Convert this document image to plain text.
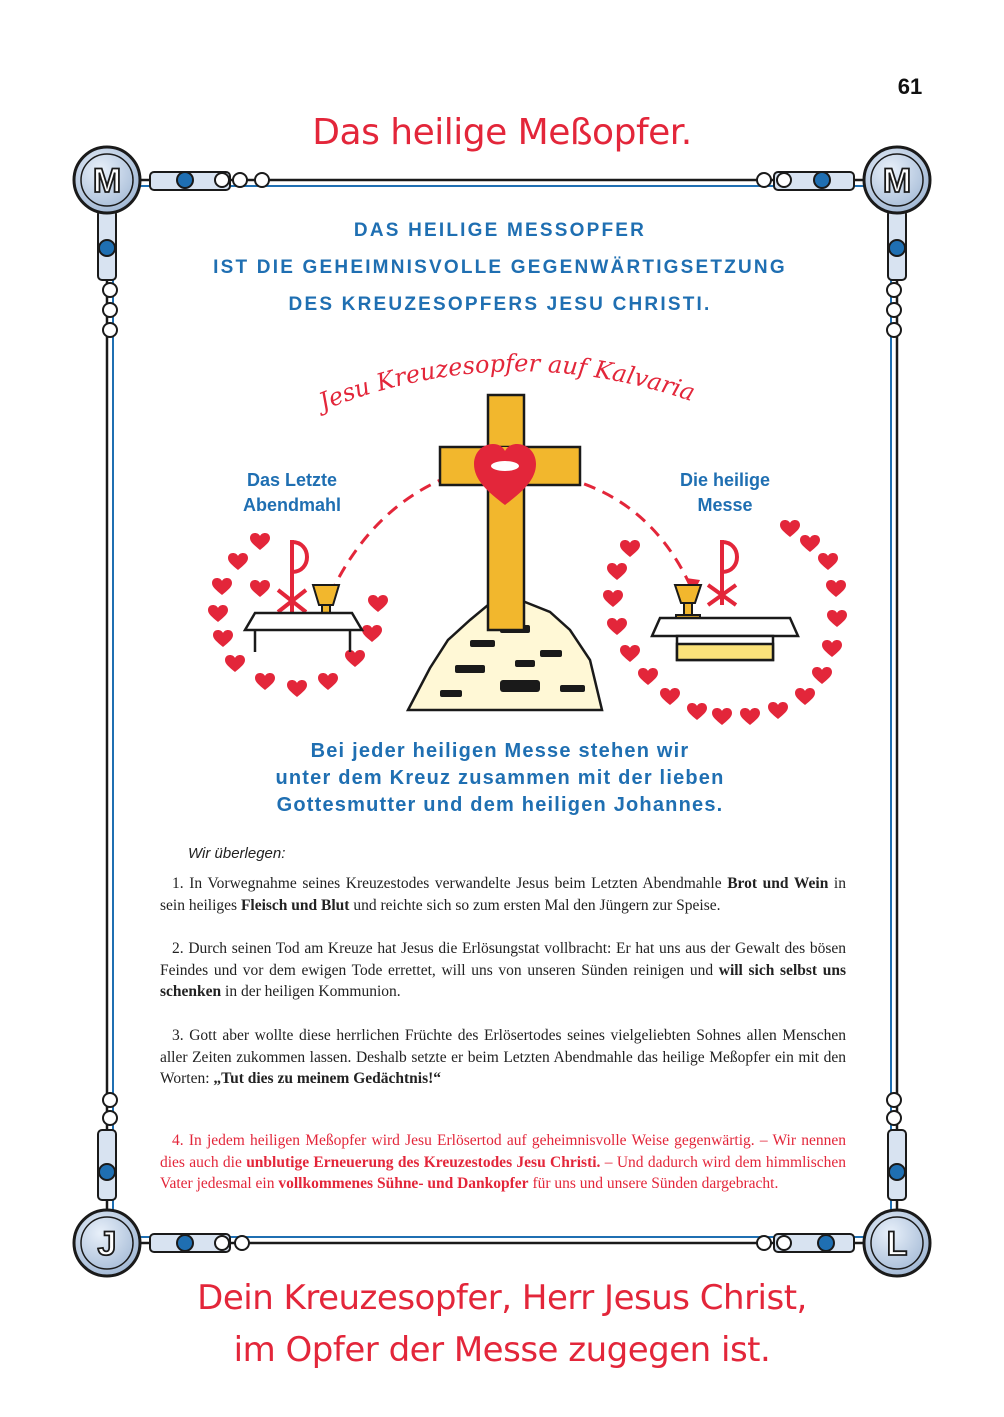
61
Das heilige Meßopfer.
M	M
J	L
DAS HEILIGE MESSOPFER
IST DIE GEHEIMNISVOLLE GEGENWÄRTIGSETZUNG
DES KREUZESOPFERS JESU CHRISTI.
Jesu Kreuzesopfer auf Kalvaria
Das Letzte
Abendmahl
Die heilige
Messe
Bei jeder heiligen Messe stehen wir
unter dem Kreuz zusammen mit der lieben
Gottesmutter und dem heiligen Johannes.
Wir überlegen:
1. In Vorwegnahme seines Kreuzestodes verwandelte Jesus beim Letzten Abendmahle Brot und Wein in sein heiliges Fleisch und Blut und reichte sich so zum ersten Mal den Jüngern zur Speise.
2. Durch seinen Tod am Kreuze hat Jesus die Erlösungstat vollbracht: Er hat uns aus der Gewalt des bösen Feindes und vor dem ewigen Tode errettet, will uns von unseren Sünden reinigen und will sich selbst uns schenken in der heiligen Kommunion.
3. Gott aber wollte diese herrlichen Früchte des Erlösertodes seines vielgeliebten Sohnes allen Menschen aller Zeiten zukommen lassen. Deshalb setzte er beim Letzten Abendmahle das heilige Meßopfer ein mit den Worten: „Tut dies zu meinem Gedächtnis!“
4. In jedem heiligen Meßopfer wird Jesu Erlösertod auf geheimnisvolle Weise gegenwärtig. – Wir nennen dies auch die unblutige Erneuerung des Kreuzestodes Jesu Christi. – Und dadurch wird dem himmlischen Vater jedesmal ein vollkommenes Sühne- und Dankopfer für uns und unsere Sünden dargebracht.
Dein Kreuzesopfer, Herr Jesus Christ,
im Opfer der Messe zugegen ist.
